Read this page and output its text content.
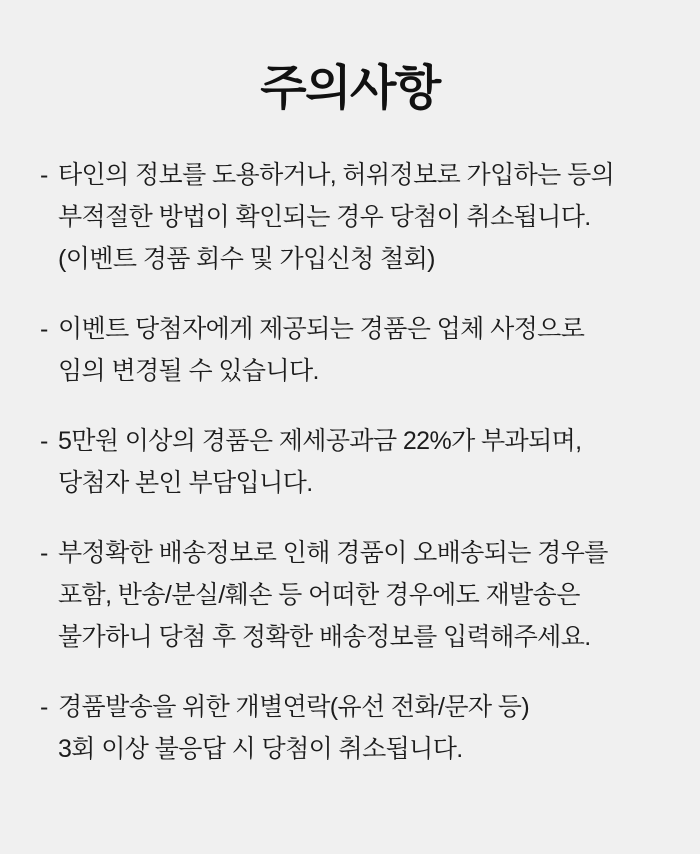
주의사항
- 타인의 정보를 도용하거나, 허위정보로 가입하는 등의
부적절한 방법이 확인되는 경우 당첨이 취소됩니다.
(이벤트 경품 회수 및 가입신청 철회)
- 이벤트 당첨자에게 제공되는 경품은 업체 사정으로
임의 변경될 수 있습니다.
- 5만원 이상의 경품은 제세공과금 22%가 부과되며,
당첨자 본인 부담입니다.
- 부정확한 배송정보로 인해 경품이 오배송되는 경우를
포함, 반송/분실/훼손 등 어떠한 경우에도 재발송은
불가하니 당첨 후 정확한 배송정보를 입력해주세요.
- 경품발송을 위한 개별연락(유선 전화/문자 등)
3회 이상 불응답 시 당첨이 취소됩니다.
